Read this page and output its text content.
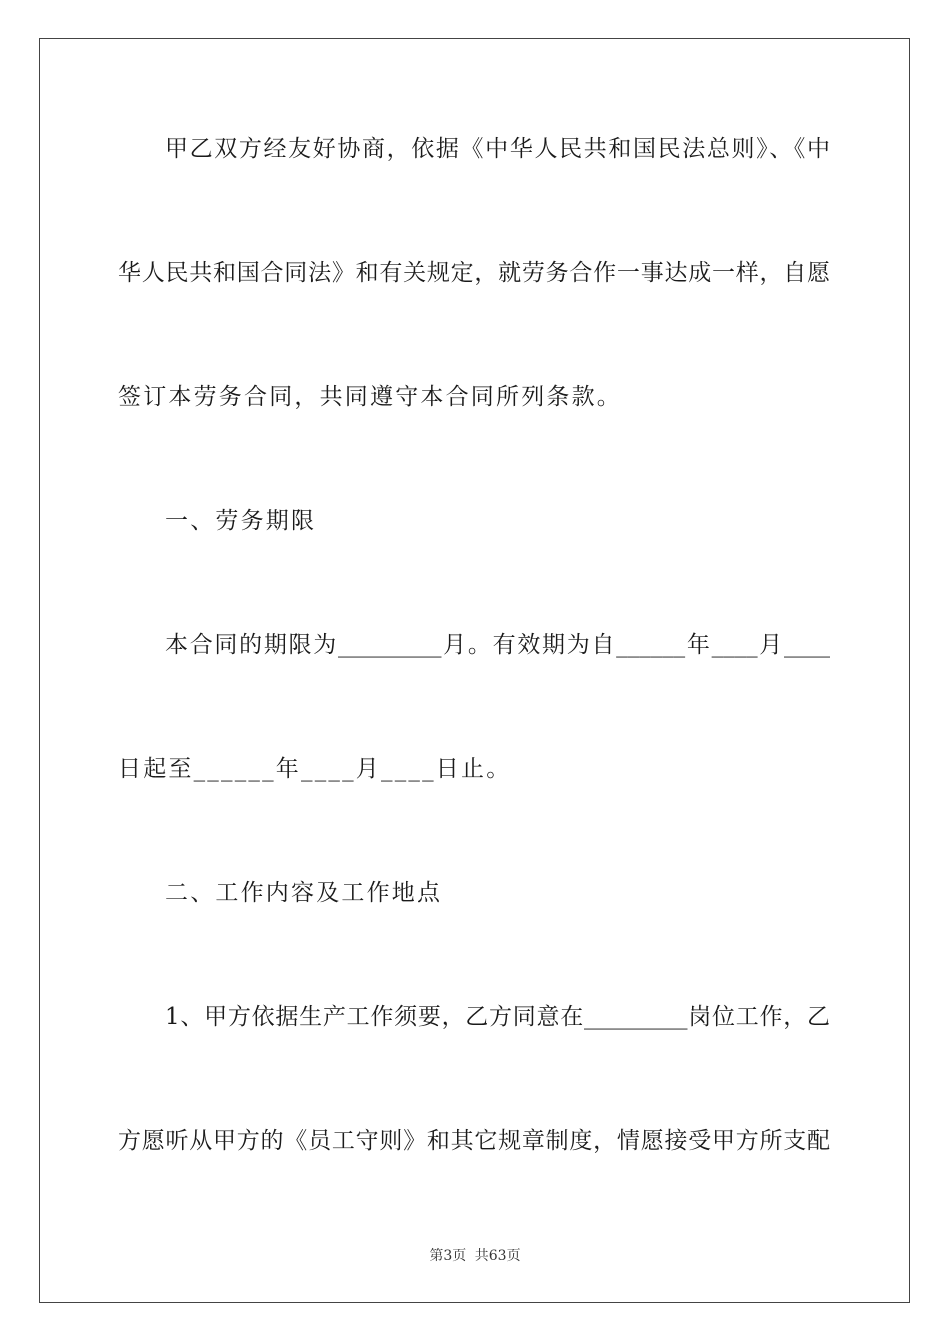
甲乙双方经友好协商，依据《中华人民共和国民法总则》、《中
华人民共和国合同法》和有关规定，就劳务合作一事达成一样，自愿
签订本劳务合同，共同遵守本合同所列条款。
一、劳务期限
本合同的期限为_________月。有效期为自______年____月____
日起至______年____月____日止。
二、工作内容及工作地点
1、甲方依据生产工作须要，乙方同意在_________岗位工作，乙
方愿听从甲方的《员工守则》和其它规章制度，情愿接受甲方所支配
第3页 共63页
